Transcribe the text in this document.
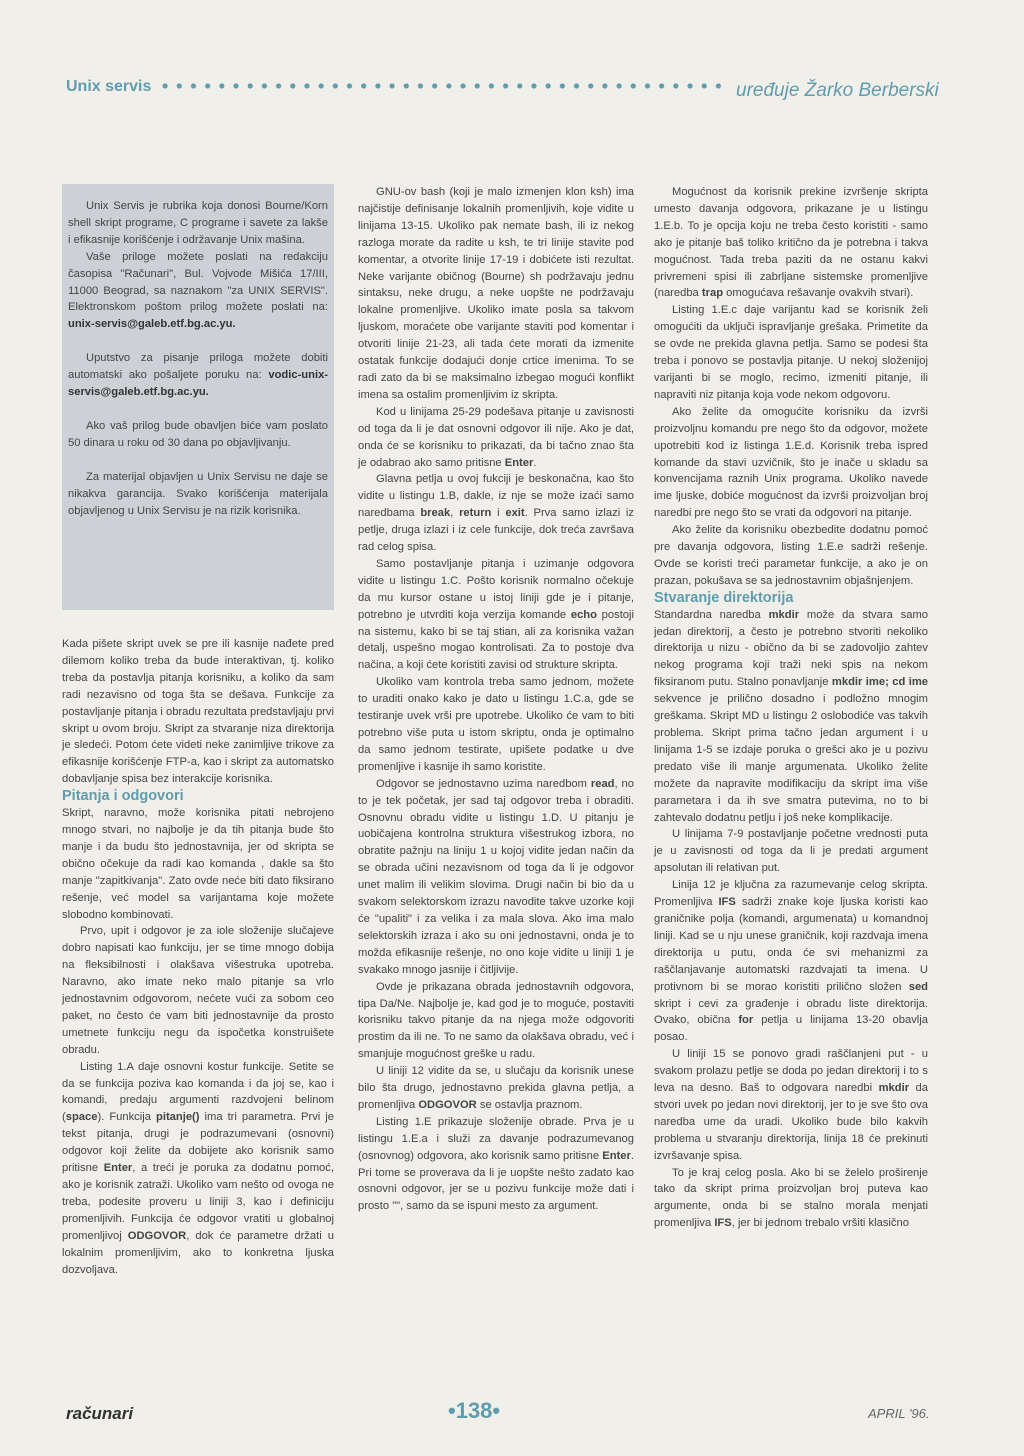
Unix servis	uređuje Žarko Berberski

Unix Servis je rubrika koja donosi Bourne/Korn shell skript programe, C programe i savete za lakše i efikasnije korišćenje i održavanje Unix mašina.

Vaše priloge možete poslati na redakciju časopisa "Računari", Bul. Vojvode Mišića 17/III, 11000 Beograd, sa naznakom "za UNIX SERVIS". Elektronskom poštom prilog možete poslati na: unix-servis@galeb.etf.bg.ac.yu.

Uputstvo za pisanje priloga možete dobiti automatski ako pošaljete poruku na: vodic-unix-servis@galeb.etf.bg.ac.yu.

Ako vaš prilog bude obavljen biće vam poslato 50 dinara u roku od 30 dana po objavljivanju.

Za materijal objavljen u Unix Servisu ne daje se nikakva garancija. Svako korišćenja materijala objavljenog u Unix Servisu je na rizik korisnika.

Kada pišete skript uvek se pre ili kasnije nađete pred dilemom koliko treba da bude interaktivan, tj. koliko treba da postavlja pitanja korisniku, a koliko da sam radi nezavisno od toga šta se dešava. Funkcije za postavljanje pitanja i obradu rezultata predstavljaju prvi skript u ovom broju. Skript za stvaranje niza direktorija je sledeći. Potom ćete videti neke zanimljive trikove za efikasnije korišćenje FTP-a, kao i skript za automatsko dobavljanje spisa bez interakcije korisnika.

Pitanja i odgovori

Skript, naravno, može korisnika pitati nebrojeno mnogo stvari, no najbolje je da tih pitanja bude što manje i da budu što jednostavnija, jer od skripta se obično očekuje da radi kao komanda , dakle sa što manje "zapitkivanja". Zato ovde neće biti dato fiksirano rešenje, već model sa varijantama koje možete slobodno kombinovati.

Prvo, upit i odgovor je za iole složenije slučajeve dobro napisati kao funkciju, jer se time mnogo dobija na fleksibilnosti i olakšava višestruka upotreba. Naravno, ako imate neko malo pitanje sa vrlo jednostavnim odgovorom, nećete vući za sobom ceo paket, no često će vam biti jednostavnije da prosto umetnete funkciju negu da ispočetka konstruišete obradu.

Listing 1.A daje osnovni kostur funkcije. Setite se da se funkcija poziva kao komanda i da joj se, kao i komandi, predaju argumenti razdvojeni belinom (space). Funkcija pitanje() ima tri parametra. Prvi je tekst pitanja, drugi je podrazumevani (osnovni) odgovor koji želite da dobijete ako korisnik samo pritisne Enter, a treći je poruka za dodatnu pomoć, ako je korisnik zatraži. Ukoliko vam nešto od ovoga ne treba, podesite proveru u liniji 3, kao i definiciju promenljivih. Funkcija će odgovor vratiti u globalnoj promenljivoj ODGOVOR, dok će parametre držati u lokalnim promenljivim, ako to konkretna ljuska dozvoljava.

GNU-ov bash (koji je malo izmenjen klon ksh) ima najčistije definisanje lokalnih promenljivih, koje vidite u linijama 13-15. Ukoliko pak nemate bash, ili iz nekog razloga morate da radite u ksh, te tri linije stavite pod komentar, a otvorite linije 17-19 i dobićete isti rezultat. Neke varijante običnog (Bourne) sh podržavaju jednu sintaksu, neke drugu, a neke uopšte ne podržavaju lokalne promenljive. Ukoliko imate posla sa takvom ljuskom, moraćete obe varijante staviti pod komentar i otvoriti linije 21-23, ali tada ćete morati da izmenite ostatak funkcije dodajući donje crtice imenima. To se radi zato da bi se maksimalno izbegao mogući konflikt imena sa ostalim promenljivim iz skripta.

Kod u linijama 25-29 podešava pitanje u zavisnosti od toga da li je dat osnovni odgovor ili nije. Ako je dat, onda će se korisniku to prikazati, da bi tačno znao šta je odabrao ako samo pritisne Enter.

Glavna petlja u ovoj fukciji je beskonačna, kao što vidite u listingu 1.B, dakle, iz nje se može izaći samo naredbama break, return i exit. Prva samo izlazi iz petlje, druga izlazi i iz cele funkcije, dok treća završava rad celog spisa.

Samo postavljanje pitanja i uzimanje odgovora vidite u listingu 1.C. Pošto korisnik normalno očekuje da mu kursor ostane u istoj liniji gde je i pitanje, potrebno je utvrditi koja verzija komande echo postoji na sistemu, kako bi se taj stian, ali za korisnika važan detalj, uspešno mogao kontrolisati. Za to postoje dva načina, a koji ćete koristiti zavisi od strukture skripta.

Ukoliko vam kontrola treba samo jednom, možete to uraditi onako kako je dato u listingu 1.C.a, gde se testiranje uvek vrši pre upotrebe. Ukoliko će vam to biti potrebno više puta u istom skriptu, onda je optimalno da samo jednom testirate, upišete podatke u dve promenljive i kasnije ih samo koristite.

Odgovor se jednostavno uzima naredbom read, no to je tek početak, jer sad taj odgovor treba i obraditi. Osnovnu obradu vidite u listingu 1.D. U pitanju je uobičajena kontrolna struktura višestrukog izbora, no obratite pažnju na liniju 1 u kojoj vidite jedan način da se obrada učini nezavisnom od toga da li je odgovor unet malim ili velikim slovima. Drugi način bi bio da u svakom selektorskom izrazu navodite takve uzorke koji će "upaliti" i za velika i za mala slova. Ako ima malo selektorskih izraza i ako su oni jednostavni, onda je to možda efikasnije rešenje, no ono koje vidite u liniji 1 je svakako mnogo jasnije i čitljivije.

Ovde je prikazana obrada jednostavnih odgovora, tipa Da/Ne. Najbolje je, kad god je to moguće, postaviti korisniku takvo pitanje da na njega može odgovoriti prostim da ili ne. To ne samo da olakšava obradu, već i smanjuje mogućnost greške u radu.

U liniji 12 vidite da se, u slučaju da korisnik unese bilo šta drugo, jednostavno prekida glavna petlja, a promenljiva ODGOVOR se ostavlja praznom.

Listing 1.E prikazuje složenije obrade. Prva je u listingu 1.E.a i služi za davanje podrazumevanog (osnovnog) odgovora, ako korisnik samo pritisne Enter. Pri tome se proverava da li je uopšte nešto zadato kao osnovni odgovor, jer se u pozivu funkcije može dati i prosto "", samo da se ispuni mesto za argument.

Mogućnost da korisnik prekine izvršenje skripta umesto davanja odgovora, prikazane je u listingu 1.E.b. To je opcija koju ne treba često koristiti - samo ako je pitanje baš toliko kritično da je potrebna i takva mogućnost. Tada treba paziti da ne ostanu kakvi privremeni spisi ili zabrljane sistemske promenljive (naredba trap omogućava rešavanje ovakvih stvari).

Listing 1.E.c daje varijantu kad se korisnik želi omogućiti da uključi ispravljanje grešaka. Primetite da se ovde ne prekida glavna petlja. Samo se podesi šta treba i ponovo se postavlja pitanje. U nekoj složenijoj varijanti bi se moglo, recimo, izmeniti pitanje, ili napraviti niz pitanja koja vode nekom odgovoru.

Ako želite da omogućite korisniku da izvrši proizvoljnu komandu pre nego što da odgovor, možete upotrebiti kod iz listinga 1.E.d. Korisnik treba ispred komande da stavi uzvičnik, što je inače u skladu sa konvencijama raznih Unix programa. Ukoliko navede ime ljuske, dobiće mogućnost da izvrši proizvoljan broj naredbi pre nego što se vrati da odgovori na pitanje.

Ako želite da korisniku obezbedite dodatnu pomoć pre davanja odgovora, listing 1.E.e sadrži rešenje. Ovde se koristi treći parametar funkcije, a ako je on prazan, pokušava se sa jednostavnim objašnjenjem.

Stvaranje direktorija

Standardna naredba mkdir može da stvara samo jedan direktorij, a često je potrebno stvoriti nekoliko direktorija u nizu - obično da bi se zadovoljio zahtev nekog programa koji traži neki spis na nekom fiksiranom putu. Stalno ponavljanje mkdir ime; cd ime sekvence je prilično dosadno i podložno mnogim greškama. Skript MD u listingu 2 oslobodiće vas takvih problema. Skript prima tačno jedan argument i u linijama 1-5 se izdaje poruka o grešci ako je u pozivu predato više ili manje argumenata. Ukoliko želite možete da napravite modifikaciju da skript ima više parametara i da ih sve smatra putevima, no to bi zahtevalo dodatnu petlju i još neke komplikacije.

U linijama 7-9 postavljanje početne vrednosti puta je u zavisnosti od toga da li je predati argument apsolutan ili relativan put.

Linija 12 je ključna za razumevanje celog skripta. Promenljiva IFS sadrži znake koje ljuska koristi kao graničnike polja (komandi, argumenata) u komandnoj liniji. Kad se u nju unese graničnik, koji razdvaja imena direktorija u putu, onda će svi mehanizmi za raščlanjavanje automatski razdvajati ta imena. U protivnom bi se morao koristiti prilično složen sed skript i cevi za građenje i obradu liste direktorija. Ovako, obična for petlja u linijama 13-20 obavlja posao.

U liniji 15 se ponovo gradi raščlanjeni put - u svakom prolazu petlje se doda po jedan direktorij i to s leva na desno. Baš to odgovara naredbi mkdir da stvori uvek po jedan novi direktorij, jer to je sve što ova naredba ume da uradi. Ukoliko bude bilo kakvih problema u stvaranju direktorija, linija 18 će prekinuti izvršavanje spisa.

To je kraj celog posla. Ako bi se želelo proširenje tako da skript prima proizvoljan broj puteva kao argumente, onda bi se stalno morala menjati promenljiva IFS, jer bi jednom trebalo vršiti klasično

računari	•138•	APRIL '96.
